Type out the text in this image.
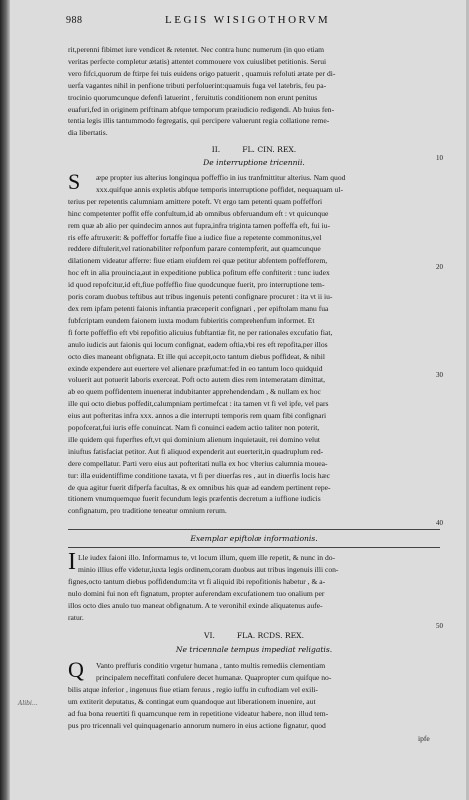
988	LEGIS WISIGOTHORVM
rit,perenni fibimet iure vendicet & retentet. Nec contra hunc numerum (in quo etiam
veritas perfecte completur ætatis) attentet commouere vox cuiuslibet petitionis. Serui
vero fifci,quorum de ftirpe fei tuis euidens origo patuerit , quamuis refoluti ætate per di-
uerfa vagantes nihil in penfione tributi perfoluerint:quamuis fuga vel latebris, feu pa-
trocinio quorumcunque defenfi latuerint , feruitutis conditionem non erunt penitus
euafuri,fed in originem priftinam abfque temporum præiudicio redigendi. Ab huius fen-
tentia legis illis tantummodo fegregatis, qui percipere valuerunt regia collatione reme-
dia libertatis.
II.	FL. CIN. REX.
De interruptione tricennii.
S	æpe propter ius alterius longinqua poffeffio in ius tranfmittitur alterius. Nam quod
xxx.quifque annis expletis abfque temporis interruptione poffidet, nequaquam ul-
terius per repetentis calumniam amittere poteft. Vt ergo tam petenti quam poffeffori
hinc competenter poffit effe confultum,id ab omnibus obferuandum eft : vt quicunque
rem quæ ab alio per quindecim annos aut fupra,infra triginta tamen poffeffa eft, fui iu-
ris effe aftruxerit: & poffeffor fortaffe fiue a iudice fiue a repetente commonitus,vel
reddere diftulerit,vel rationabiliter refponfum parare contempferit, aut quamcunque
dilationem videatur afferre: fiue etiam eiufdem rei quæ petitur abfentem poffefforem,
hoc eft in alia prouincia,aut in expeditione publica pofitum effe conftiterit : tunc iudex
id quod repofcitur,id eft,fiue poffeffio fiue quodcunque fuerit, pro interruptione tem-
poris coram duobus teftibus aut tribus ingenuis petenti confignare procuret : ita vt ii iu-
dex rem ipfam petenti faionis inftantia præceperit confignari , per epiftolam manu fua
fubfcriptam eundem faionem iuxta modum fubieritis comprehenfum informet. Et
fi forte poffeffio eft vbi repofitio alicuius fubftantiæ fit, ne per rationales excufatio fiat,
anulo iudicis aut faionis qui locum confignat, eadem oftia,vbi res eft repofita,per illos
octo dies maneant obfignata. Et ille qui accepit,octo tantum diebus poffideat, & nihil
exinde expendere aut euertere vel alienare præfumat:fed in eo tantum loco quidquid
voluerit aut potuerit laboris exerceat. Poft octo autem dies rem intemeratam dimittat,
ab eo quem poffidentem inuenerat indubitanter apprehendendam , & nullam ex hoc
ille qui octo diebus poffedit,calumpniam pertimefcat : ita tamen vt fi vel ipfe, vel pars
eius aut pofteritas infra xxx. annos a die interrupti temporis rem quam fibi confignari
popofcerat,fui iuris effe conuincat. Nam fi conuinci eadem actio taliter non poterit,
ille quidem qui fuperftes eft,vt qui dominium alienum inquietauit, rei domino velut
iniuftus fatisfaciat petitor. Aut fi aliquod expenderit aut euerterit,in quadruplum red-
dere compellatur. Parti vero eius aut pofteritati nulla ex hoc vlterius calumnia mouea-
tur: illa euidentiffime conditione taxata, vt fi per diuerfas res , aut in diuerfis locis hæc
de qua agitur fuerit difperfa facultas, & ex omnibus his quæ ad eandem pertinent repe-
titionem vnumquemque fuerit fecundum legis præfentis decretum a iuffione iudicis
confignatum, pro traditione teneatur omnium rerum.
Exemplar epiftolæ informationis.
I Lle iudex faioni illo. Informamus te, vt locum illum, quem ille repetit, & nunc in do-
minio illius effe videtur,iuxta legis ordinem,coram duobus aut tribus ingenuis illi con-
fignes,octo tantum diebus poffidendum:ita vt fi aliquid ibi repofitionis habetur , & a-
nulo domini fui non eft fignatum, propter auferendam excufationem tuo onalium per
illos octo dies anulo tuo maneat obfignatum. A te veronihil exinde aliquatenus aufe-
ratur.
VI.	FLA. RCDS. REX.
Ne tricennale tempus impediat religatis.
Q	Vanto preffuris conditio vrgetur humana , tanto multis remediis clementiam
principalem neceffitati confulere decet humanæ. Quapropter cum quifque no-
bilis atque inferior , ingenuus fiue etiam feruus , regio iuffu in cuftodiam vel exili-
um extiterit deputatus, & contingat eum quandoque aut liberationem inuenire, aut
ad fua bona reuertiti fi quamcunque rem in repetitione videatur habere, non illud tem-
pus pro tricennali vel quinquagenario annorum numero in eius actione fignatur, quod
10
20
30
40
50
ipfe
Alibi...
